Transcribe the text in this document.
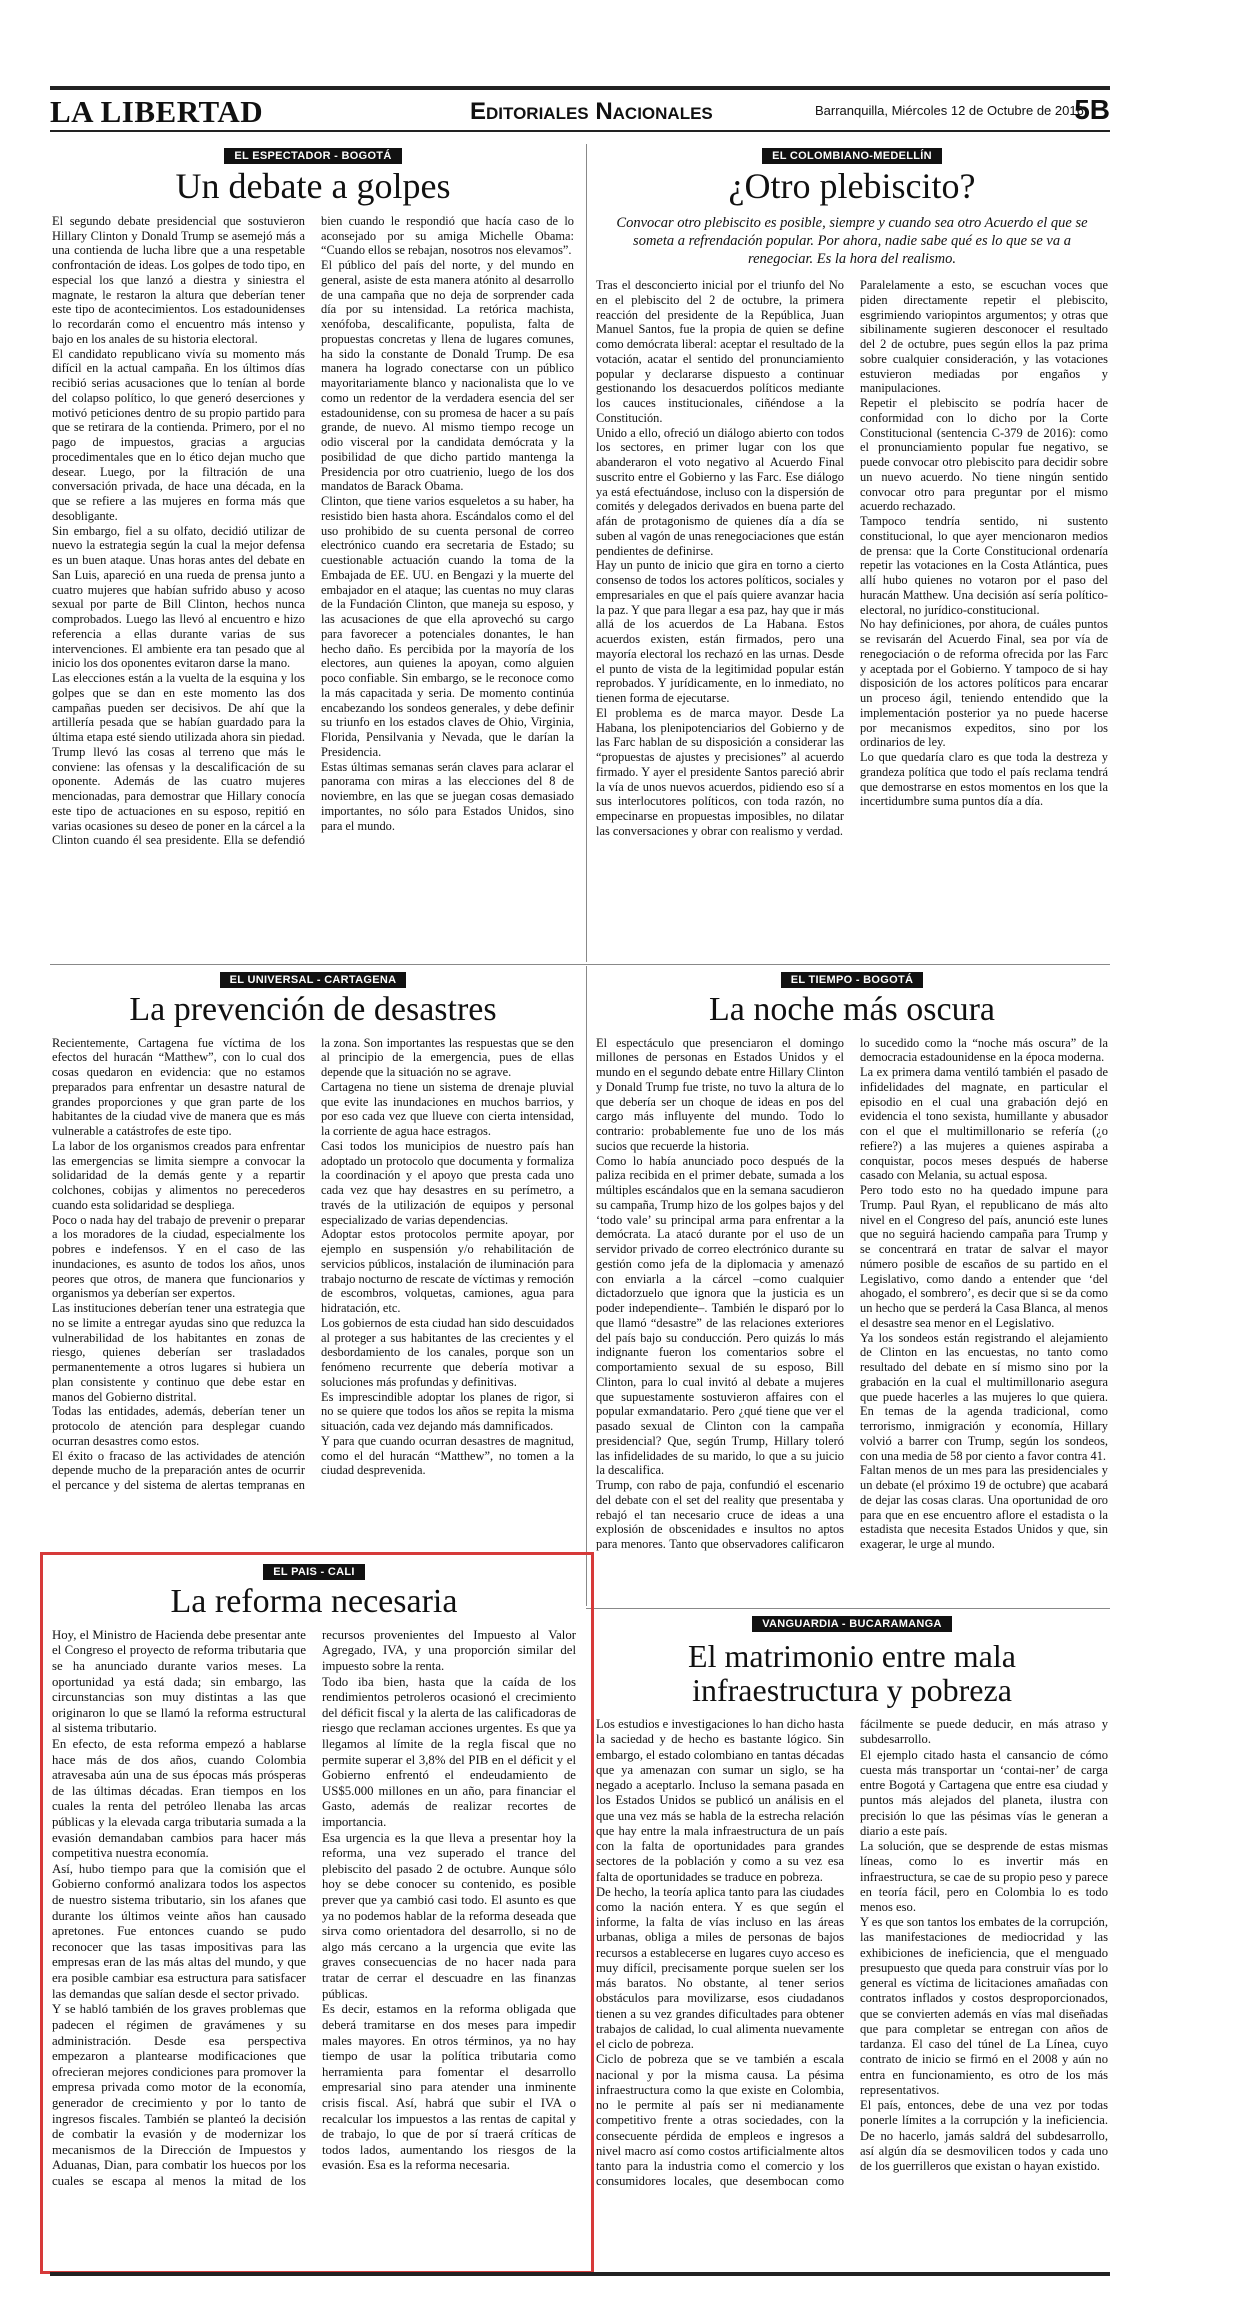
LA LIBERTAD	Editoriales Nacionales	Barranquilla, Miércoles 12 de Octubre de 2016
5B
EL ESPECTADOR - BOGOTÁ
Un debate a golpes

El segundo debate presidencial que sostuvieron Hillary Clinton y Donald Trump se asemejó más a una contienda de lucha libre que a una respetable confrontación de ideas. Los golpes de todo tipo, en especial los que lanzó a diestra y siniestra el magnate, le restaron la altura que deberían tener este tipo de acontecimientos. Los estadounidenses lo recordarán como el encuentro más intenso y bajo en los anales de su historia electoral.

El candidato republicano vivía su momento más difícil en la actual campaña. En los últimos días recibió serias acusaciones que lo tenían al borde del colapso político, lo que generó deserciones y motivó peticiones dentro de su propio partido para que se retirara de la contienda. Primero, por el no pago de impuestos, gracias a argucias procedimentales que en lo ético dejan mucho que desear. Luego, por la filtración de una conversación privada, de hace una década, en la que se refiere a las mujeres en forma más que desobligante.

Sin embargo, fiel a su olfato, decidió utilizar de nuevo la estrategia según la cual la mejor defensa es un buen ataque. Unas horas antes del debate en San Luis, apareció en una rueda de prensa junto a cuatro mujeres que habían sufrido abuso y acoso sexual por parte de Bill Clinton, hechos nunca comprobados. Luego las llevó al encuentro e hizo referencia a ellas durante varias de sus intervenciones. El ambiente era tan pesado que al inicio los dos oponentes evitaron darse la mano.

Las elecciones están a la vuelta de la esquina y los golpes que se dan en este momento las dos campañas pueden ser decisivos. De ahí que la artillería pesada que se habían guardado para la última etapa esté siendo utilizada ahora sin piedad. Trump llevó las cosas al terreno que más le conviene: las ofensas y la descalificación de su oponente. Además de las cuatro mujeres mencionadas, para demostrar que Hillary conocía este tipo de actuaciones en su esposo, repitió en varias ocasiones su deseo de poner en la cárcel a la Clinton cuando él sea presidente. Ella se defendió bien cuando le respondió que hacía caso de lo aconsejado por su amiga Michelle Obama: “Cuando ellos se rebajan, nosotros nos elevamos”.

El público del país del norte, y del mundo en general, asiste de esta manera atónito al desarrollo de una campaña que no deja de sorprender cada día por su intensidad. La retórica machista, xenófoba, descalificante, populista, falta de propuestas concretas y llena de lugares comunes, ha sido la constante de Donald Trump. De esa manera ha logrado conectarse con un público mayoritariamente blanco y nacionalista que lo ve como un redentor de la verdadera esencia del ser estadounidense, con su promesa de hacer a su país grande, de nuevo. Al mismo tiempo recoge un odio visceral por la candidata demócrata y la posibilidad de que dicho partido mantenga la Presidencia por otro cuatrienio, luego de los dos mandatos de Barack Obama.

Clinton, que tiene varios esqueletos a su haber, ha resistido bien hasta ahora. Escándalos como el del uso prohibido de su cuenta personal de correo electrónico cuando era secretaria de Estado; su cuestionable actuación cuando la toma de la Embajada de EE. UU. en Bengazi y la muerte del embajador en el ataque; las cuentas no muy claras de la Fundación Clinton, que maneja su esposo, y las acusaciones de que ella aprovechó su cargo para favorecer a potenciales donantes, le han hecho daño. Es percibida por la mayoría de los electores, aun quienes la apoyan, como alguien poco confiable. Sin embargo, se le reconoce como la más capacitada y seria. De momento continúa encabezando los sondeos generales, y debe definir su triunfo en los estados claves de Ohio, Virginia, Florida, Pensilvania y Nevada, que le darían la Presidencia.

Estas últimas semanas serán claves para aclarar el panorama con miras a las elecciones del 8 de noviembre, en las que se juegan cosas demasiado importantes, no sólo para Estados Unidos, sino para el mundo.

EL COLOMBIANO-MEDELLÍN
¿Otro plebiscito?
Convocar otro plebiscito es posible, siempre y cuando sea otro Acuerdo el que se someta a refrendación popular. Por ahora, nadie sabe qué es lo que se va a renegociar. Es la hora del realismo.

Tras el desconcierto inicial por el triunfo del No en el plebiscito del 2 de octubre, la primera reacción del presidente de la República, Juan Manuel Santos, fue la propia de quien se define como demócrata liberal: aceptar el resultado de la votación, acatar el sentido del pronunciamiento popular y declararse dispuesto a continuar gestionando los desacuerdos políticos mediante los cauces institucionales, ciñéndose a la Constitución.

Unido a ello, ofreció un diálogo abierto con todos los sectores, en primer lugar con los que abanderaron el voto negativo al Acuerdo Final suscrito entre el Gobierno y las Farc. Ese diálogo ya está efectuándose, incluso con la dispersión de comités y delegados derivados en buena parte del afán de protagonismo de quienes día a día se suben al vagón de unas renegociaciones que están pendientes de definirse.

Hay un punto de inicio que gira en torno a cierto consenso de todos los actores políticos, sociales y empresariales en que el país quiere avanzar hacia la paz. Y que para llegar a esa paz, hay que ir más allá de los acuerdos de La Habana. Estos acuerdos existen, están firmados, pero una mayoría electoral los rechazó en las urnas. Desde el punto de vista de la legitimidad popular están reprobados. Y jurídicamente, en lo inmediato, no tienen forma de ejecutarse.

El problema es de marca mayor. Desde La Habana, los plenipotenciarios del Gobierno y de las Farc hablan de su disposición a considerar las “propuestas de ajustes y precisiones” al acuerdo firmado. Y ayer el presidente Santos pareció abrir la vía de unos nuevos acuerdos, pidiendo eso sí a sus interlocutores políticos, con toda razón, no empecinarse en propuestas imposibles, no dilatar las conversaciones y obrar con realismo y verdad.

Paralelamente a esto, se escuchan voces que piden directamente repetir el plebiscito, esgrimiendo variopintos argumentos; y otras que sibilinamente sugieren desconocer el resultado del 2 de octubre, pues según ellos la paz prima sobre cualquier consideración, y las votaciones estuvieron mediadas por engaños y manipulaciones.

Repetir el plebiscito se podría hacer de conformidad con lo dicho por la Corte Constitucional (sentencia C-379 de 2016): como el pronunciamiento popular fue negativo, se puede convocar otro plebiscito para decidir sobre un nuevo acuerdo. No tiene ningún sentido convocar otro para preguntar por el mismo acuerdo rechazado.

Tampoco tendría sentido, ni sustento constitucional, lo que ayer mencionaron medios de prensa: que la Corte Constitucional ordenaría repetir las votaciones en la Costa Atlántica, pues allí hubo quienes no votaron por el paso del huracán Matthew. Una decisión así sería político-electoral, no jurídico-constitucional.

No hay definiciones, por ahora, de cuáles puntos se revisarán del Acuerdo Final, sea por vía de renegociación o de reforma ofrecida por las Farc y aceptada por el Gobierno. Y tampoco de si hay disposición de los actores políticos para encarar un proceso ágil, teniendo entendido que la implementación posterior ya no puede hacerse por mecanismos expeditos, sino por los ordinarios de ley.

Lo que quedaría claro es que toda la destreza y grandeza política que todo el país reclama tendrá que demostrarse en estos momentos en los que la incertidumbre suma puntos día a día.

EL UNIVERSAL - CARTAGENA
La prevención de desastres

Recientemente, Cartagena fue víctima de los efectos del huracán “Matthew”, con lo cual dos cosas quedaron en evidencia: que no estamos preparados para enfrentar un desastre natural de grandes proporciones y que gran parte de los habitantes de la ciudad vive de manera que es más vulnerable a catástrofes de este tipo.

La labor de los organismos creados para enfrentar las emergencias se limita siempre a convocar la solidaridad de la demás gente y a repartir colchones, cobijas y alimentos no perecederos cuando esta solidaridad se despliega.

Poco o nada hay del trabajo de prevenir o preparar a los moradores de la ciudad, especialmente los pobres e indefensos. Y en el caso de las inundaciones, es asunto de todos los años, unos peores que otros, de manera que funcionarios y organismos ya deberían ser expertos.

Las instituciones deberían tener una estrategia que no se limite a entregar ayudas sino que reduzca la vulnerabilidad de los habitantes en zonas de riesgo, quienes deberían ser trasladados permanentemente a otros lugares si hubiera un plan consistente y continuo que debe estar en manos del Gobierno distrital.

Todas las entidades, además, deberían tener un protocolo de atención para desplegar cuando ocurran desastres como estos.

El éxito o fracaso de las actividades de atención depende mucho de la preparación antes de ocurrir el percance y del sistema de alertas tempranas en la zona. Son importantes las respuestas que se den al principio de la emergencia, pues de ellas depende que la situación no se agrave.

Cartagena no tiene un sistema de drenaje pluvial que evite las inundaciones en muchos barrios, y por eso cada vez que llueve con cierta intensidad, la corriente de agua hace estragos.

Casi todos los municipios de nuestro país han adoptado un protocolo que documenta y formaliza la coordinación y el apoyo que presta cada uno cada vez que hay desastres en su perímetro, a través de la utilización de equipos y personal especializado de varias dependencias.

Adoptar estos protocolos permite apoyar, por ejemplo en suspensión y/o rehabilitación de servicios públicos, instalación de iluminación para trabajo nocturno de rescate de víctimas y remoción de escombros, volquetas, camiones, agua para hidratación, etc.

Los gobiernos de esta ciudad han sido descuidados al proteger a sus habitantes de las crecientes y el desbordamiento de los canales, porque son un fenómeno recurrente que debería motivar a soluciones más profundas y definitivas.

Es imprescindible adoptar los planes de rigor, si no se quiere que todos los años se repita la misma situación, cada vez dejando más damnificados.

Y para que cuando ocurran desastres de magnitud, como el del huracán “Matthew”, no tomen a la ciudad desprevenida.

EL TIEMPO - BOGOTÁ
La noche más oscura

El espectáculo que presenciaron el domingo millones de personas en Estados Unidos y el mundo en el segundo debate entre Hillary Clinton y Donald Trump fue triste, no tuvo la altura de lo que debería ser un choque de ideas en pos del cargo más influyente del mundo. Todo lo contrario: probablemente fue uno de los más sucios que recuerde la historia.

Como lo había anunciado poco después de la paliza recibida en el primer debate, sumada a los múltiples escándalos que en la semana sacudieron su campaña, Trump hizo de los golpes bajos y del ‘todo vale’ su principal arma para enfrentar a la demócrata. La atacó durante por el uso de un servidor privado de correo electrónico durante su gestión como jefa de la diplomacia y amenazó con enviarla a la cárcel –como cualquier dictadorzuelo que ignora que la justicia es un poder independiente–. También le disparó por lo que llamó “desastre” de las relaciones exteriores del país bajo su conducción. Pero quizás lo más indignante fueron los comentarios sobre el comportamiento sexual de su esposo, Bill Clinton, para lo cual invitó al debate a mujeres que supuestamente sostuvieron affaires con el popular exmandatario. Pero ¿qué tiene que ver el pasado sexual de Clinton con la campaña presidencial? Que, según Trump, Hillary toleró las infidelidades de su marido, lo que a su juicio la descalifica.

Trump, con rabo de paja, confundió el escenario del debate con el set del reality que presentaba y rebajó el tan necesario cruce de ideas a una explosión de obscenidades e insultos no aptos para menores. Tanto que observadores calificaron lo sucedido como la “noche más oscura” de la democracia estadounidense en la época moderna.

La ex primera dama ventiló también el pasado de infidelidades del magnate, en particular el episodio en el cual una grabación dejó en evidencia el tono sexista, humillante y abusador con el que el multimillonario se refería (¿o refiere?) a las mujeres a quienes aspiraba a conquistar, pocos meses después de haberse casado con Melania, su actual esposa.

Pero todo esto no ha quedado impune para Trump. Paul Ryan, el republicano de más alto nivel en el Congreso del país, anunció este lunes que no seguirá haciendo campaña para Trump y se concentrará en tratar de salvar el mayor número posible de escaños de su partido en el Legislativo, como dando a entender que ‘del ahogado, el sombrero’, es decir que si se da como un hecho que se perderá la Casa Blanca, al menos el desastre sea menor en el Legislativo.

Ya los sondeos están registrando el alejamiento de Clinton en las encuestas, no tanto como resultado del debate en sí mismo sino por la grabación en la cual el multimillonario asegura que puede hacerles a las mujeres lo que quiera. En temas de la agenda tradicional, como terrorismo, inmigración y economía, Hillary volvió a barrer con Trump, según los sondeos, con una media de 58 por ciento a favor contra 41.

Faltan menos de un mes para las presidenciales y un debate (el próximo 19 de octubre) que acabará de dejar las cosas claras. Una oportunidad de oro para que en ese encuentro aflore el estadista o la estadista que necesita Estados Unidos y que, sin exagerar, le urge al mundo.

EL PAIS - CALI
La reforma necesaria

Hoy, el Ministro de Hacienda debe presentar ante el Congreso el proyecto de reforma tributaria que se ha anunciado durante varios meses. La oportunidad ya está dada; sin embargo, las circunstancias son muy distintas a las que originaron lo que se llamó la reforma estructural al sistema tributario.

En efecto, de esta reforma empezó a hablarse hace más de dos años, cuando Colombia atravesaba aún una de sus épocas más prósperas de las últimas décadas. Eran tiempos en los cuales la renta del petróleo llenaba las arcas públicas y la elevada carga tributaria sumada a la evasión demandaban cambios para hacer más competitiva nuestra economía.

Así, hubo tiempo para que la comisión que el Gobierno conformó analizara todos los aspectos de nuestro sistema tributario, sin los afanes que durante los últimos veinte años han causado apretones. Fue entonces cuando se pudo reconocer que las tasas impositivas para las empresas eran de las más altas del mundo, y que era posible cambiar esa estructura para satisfacer las demandas que salían desde el sector privado.

Y se habló también de los graves problemas que padecen el régimen de gravámenes y su administración. Desde esa perspectiva empezaron a plantearse modificaciones que ofrecieran mejores condiciones para promover la empresa privada como motor de la economía, generador de crecimiento y por lo tanto de ingresos fiscales. También se planteó la decisión de combatir la evasión y de modernizar los mecanismos de la Dirección de Impuestos y Aduanas, Dian, para combatir los huecos por los cuales se escapa al menos la mitad de los recursos provenientes del Impuesto al Valor Agregado, IVA, y una proporción similar del impuesto sobre la renta.

Todo iba bien, hasta que la caída de los rendimientos petroleros ocasionó el crecimiento del déficit fiscal y la alerta de las calificadoras de riesgo que reclaman acciones urgentes. Es que ya llegamos al límite de la regla fiscal que no permite superar el 3,8% del PIB en el déficit y el Gobierno enfrentó el endeudamiento de US$5.000 millones en un año, para financiar el Gasto, además de realizar recortes de importancia.

Esa urgencia es la que lleva a presentar hoy la reforma, una vez superado el trance del plebiscito del pasado 2 de octubre. Aunque sólo hoy se debe conocer su contenido, es posible prever que ya cambió casi todo. El asunto es que ya no podemos hablar de la reforma deseada que sirva como orientadora del desarrollo, si no de algo más cercano a la urgencia que evite las graves consecuencias de no hacer nada para tratar de cerrar el descuadre en las finanzas públicas.

Es decir, estamos en la reforma obligada que deberá tramitarse en dos meses para impedir males mayores. En otros términos, ya no hay tiempo de usar la política tributaria como herramienta para fomentar el desarrollo empresarial sino para atender una inminente crisis fiscal. Así, habrá que subir el IVA o recalcular los impuestos a las rentas de capital y de trabajo, lo que de por sí traerá críticas de todos lados, aumentando los riesgos de la evasión. Esa es la reforma necesaria.

VANGUARDIA - BUCARAMANGA
El matrimonio entre mala infraestructura y pobreza

Los estudios e investigaciones lo han dicho hasta la saciedad y de hecho es bastante lógico. Sin embargo, el estado colombiano en tantas décadas que ya amenazan con sumar un siglo, se ha negado a aceptarlo. Incluso la semana pasada en los Estados Unidos se publicó un análisis en el que una vez más se habla de la estrecha relación que hay entre la mala infraestructura de un país con la falta de oportunidades para grandes sectores de la población y como a su vez esa falta de oportunidades se traduce en pobreza.

De hecho, la teoría aplica tanto para las ciudades como la nación entera. Y es que según el informe, la falta de vías incluso en las áreas urbanas, obliga a miles de personas de bajos recursos a establecerse en lugares cuyo acceso es muy difícil, precisamente porque suelen ser los más baratos. No obstante, al tener serios obstáculos para movilizarse, esos ciudadanos tienen a su vez grandes dificultades para obtener trabajos de calidad, lo cual alimenta nuevamente el ciclo de pobreza.

Ciclo de pobreza que se ve también a escala nacional y por la misma causa. La pésima infraestructura como la que existe en Colombia, no le permite al país ser ni medianamente competitivo frente a otras sociedades, con la consecuente pérdida de empleos e ingresos a nivel macro así como costos artificialmente altos tanto para la industria como el comercio y los consumidores locales, que desembocan como fácilmente se puede deducir, en más atraso y subdesarrollo.

El ejemplo citado hasta el cansancio de cómo cuesta más transportar un ‘contai-ner’ de carga entre Bogotá y Cartagena que entre esa ciudad y puntos más alejados del planeta, ilustra con precisión lo que las pésimas vías le generan a diario a este país.

La solución, que se desprende de estas mismas líneas, como lo es invertir más en infraestructura, se cae de su propio peso y parece en teoría fácil, pero en Colombia lo es todo menos eso.

Y es que son tantos los embates de la corrupción, las manifestaciones de mediocridad y las exhibiciones de ineficiencia, que el menguado presupuesto que queda para construir vías por lo general es víctima de licitaciones amañadas con contratos inflados y costos desproporcionados, que se convierten además en vías mal diseñadas que para completar se entregan con años de tardanza. El caso del túnel de La Línea, cuyo contrato de inicio se firmó en el 2008 y aún no entra en funcionamiento, es otro de los más representativos.

El país, entonces, debe de una vez por todas ponerle límites a la corrupción y la ineficiencia. De no hacerlo, jamás saldrá del subdesarrollo, así algún día se desmovilicen todos y cada uno de los guerrilleros que existan o hayan existido.
